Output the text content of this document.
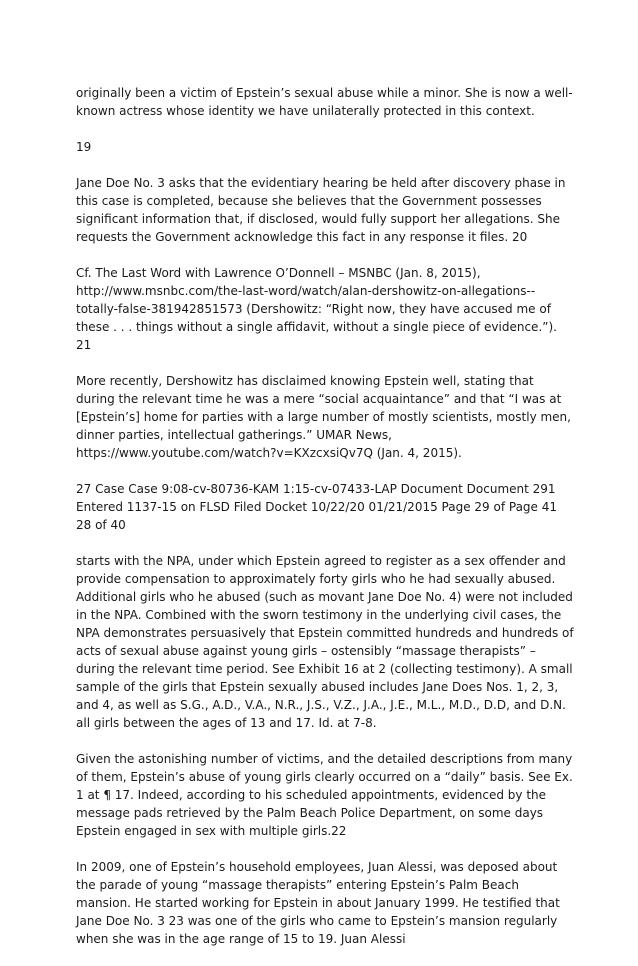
originally been a victim of Epstein’s sexual abuse while a minor. She is now a well-known actress whose identity we have unilaterally protected in this context.

19

Jane Doe No. 3 asks that the evidentiary hearing be held after discovery phase in this case is completed, because she believes that the Government possesses significant information that, if disclosed, would fully support her allegations. She requests the Government acknowledge this fact in any response it files. 20

Cf. The Last Word with Lawrence O’Donnell – MSNBC (Jan. 8, 2015), http://www.msnbc.com/the-last-word/watch/alan-dershowitz-on-allegations--totally-false-381942851573 (Dershowitz: “Right now, they have accused me of these . . . things without a single affidavit, without a single piece of evidence.”). 21

More recently, Dershowitz has disclaimed knowing Epstein well, stating that during the relevant time he was a mere “social acquaintance” and that “I was at [Epstein’s] home for parties with a large number of mostly scientists, mostly men, dinner parties, intellectual gatherings.” UMAR News, https://www.youtube.com/watch?v=KXzcxsiQv7Q (Jan. 4, 2015).

27 Case Case 9:08-cv-80736-KAM 1:15-cv-07433-LAP Document Document 291 Entered 1137-15 on FLSD Filed Docket 10/22/20 01/21/2015 Page 29 of Page 41 28 of 40

starts with the NPA, under which Epstein agreed to register as a sex offender and provide compensation to approximately forty girls who he had sexually abused. Additional girls who he abused (such as movant Jane Doe No. 4) were not included in the NPA. Combined with the sworn testimony in the underlying civil cases, the NPA demonstrates persuasively that Epstein committed hundreds and hundreds of acts of sexual abuse against young girls – ostensibly “massage therapists” – during the relevant time period. See Exhibit 16 at 2 (collecting testimony). A small sample of the girls that Epstein sexually abused includes Jane Does Nos. 1, 2, 3, and 4, as well as S.G., A.D., V.A., N.R., J.S., V.Z., J.A., J.E., M.L., M.D., D.D, and D.N. all girls between the ages of 13 and 17. Id. at 7-8.

Given the astonishing number of victims, and the detailed descriptions from many of them, Epstein’s abuse of young girls clearly occurred on a “daily” basis. See Ex. 1 at ¶ 17. Indeed, according to his scheduled appointments, evidenced by the message pads retrieved by the Palm Beach Police Department, on some days Epstein engaged in sex with multiple girls.22

In 2009, one of Epstein’s household employees, Juan Alessi, was deposed about the parade of young “massage therapists” entering Epstein’s Palm Beach mansion. He started working for Epstein in about January 1999. He testified that Jane Doe No. 3 23 was one of the girls who came to Epstein’s mansion regularly when she was in the age range of 15 to 19. Juan Alessi
